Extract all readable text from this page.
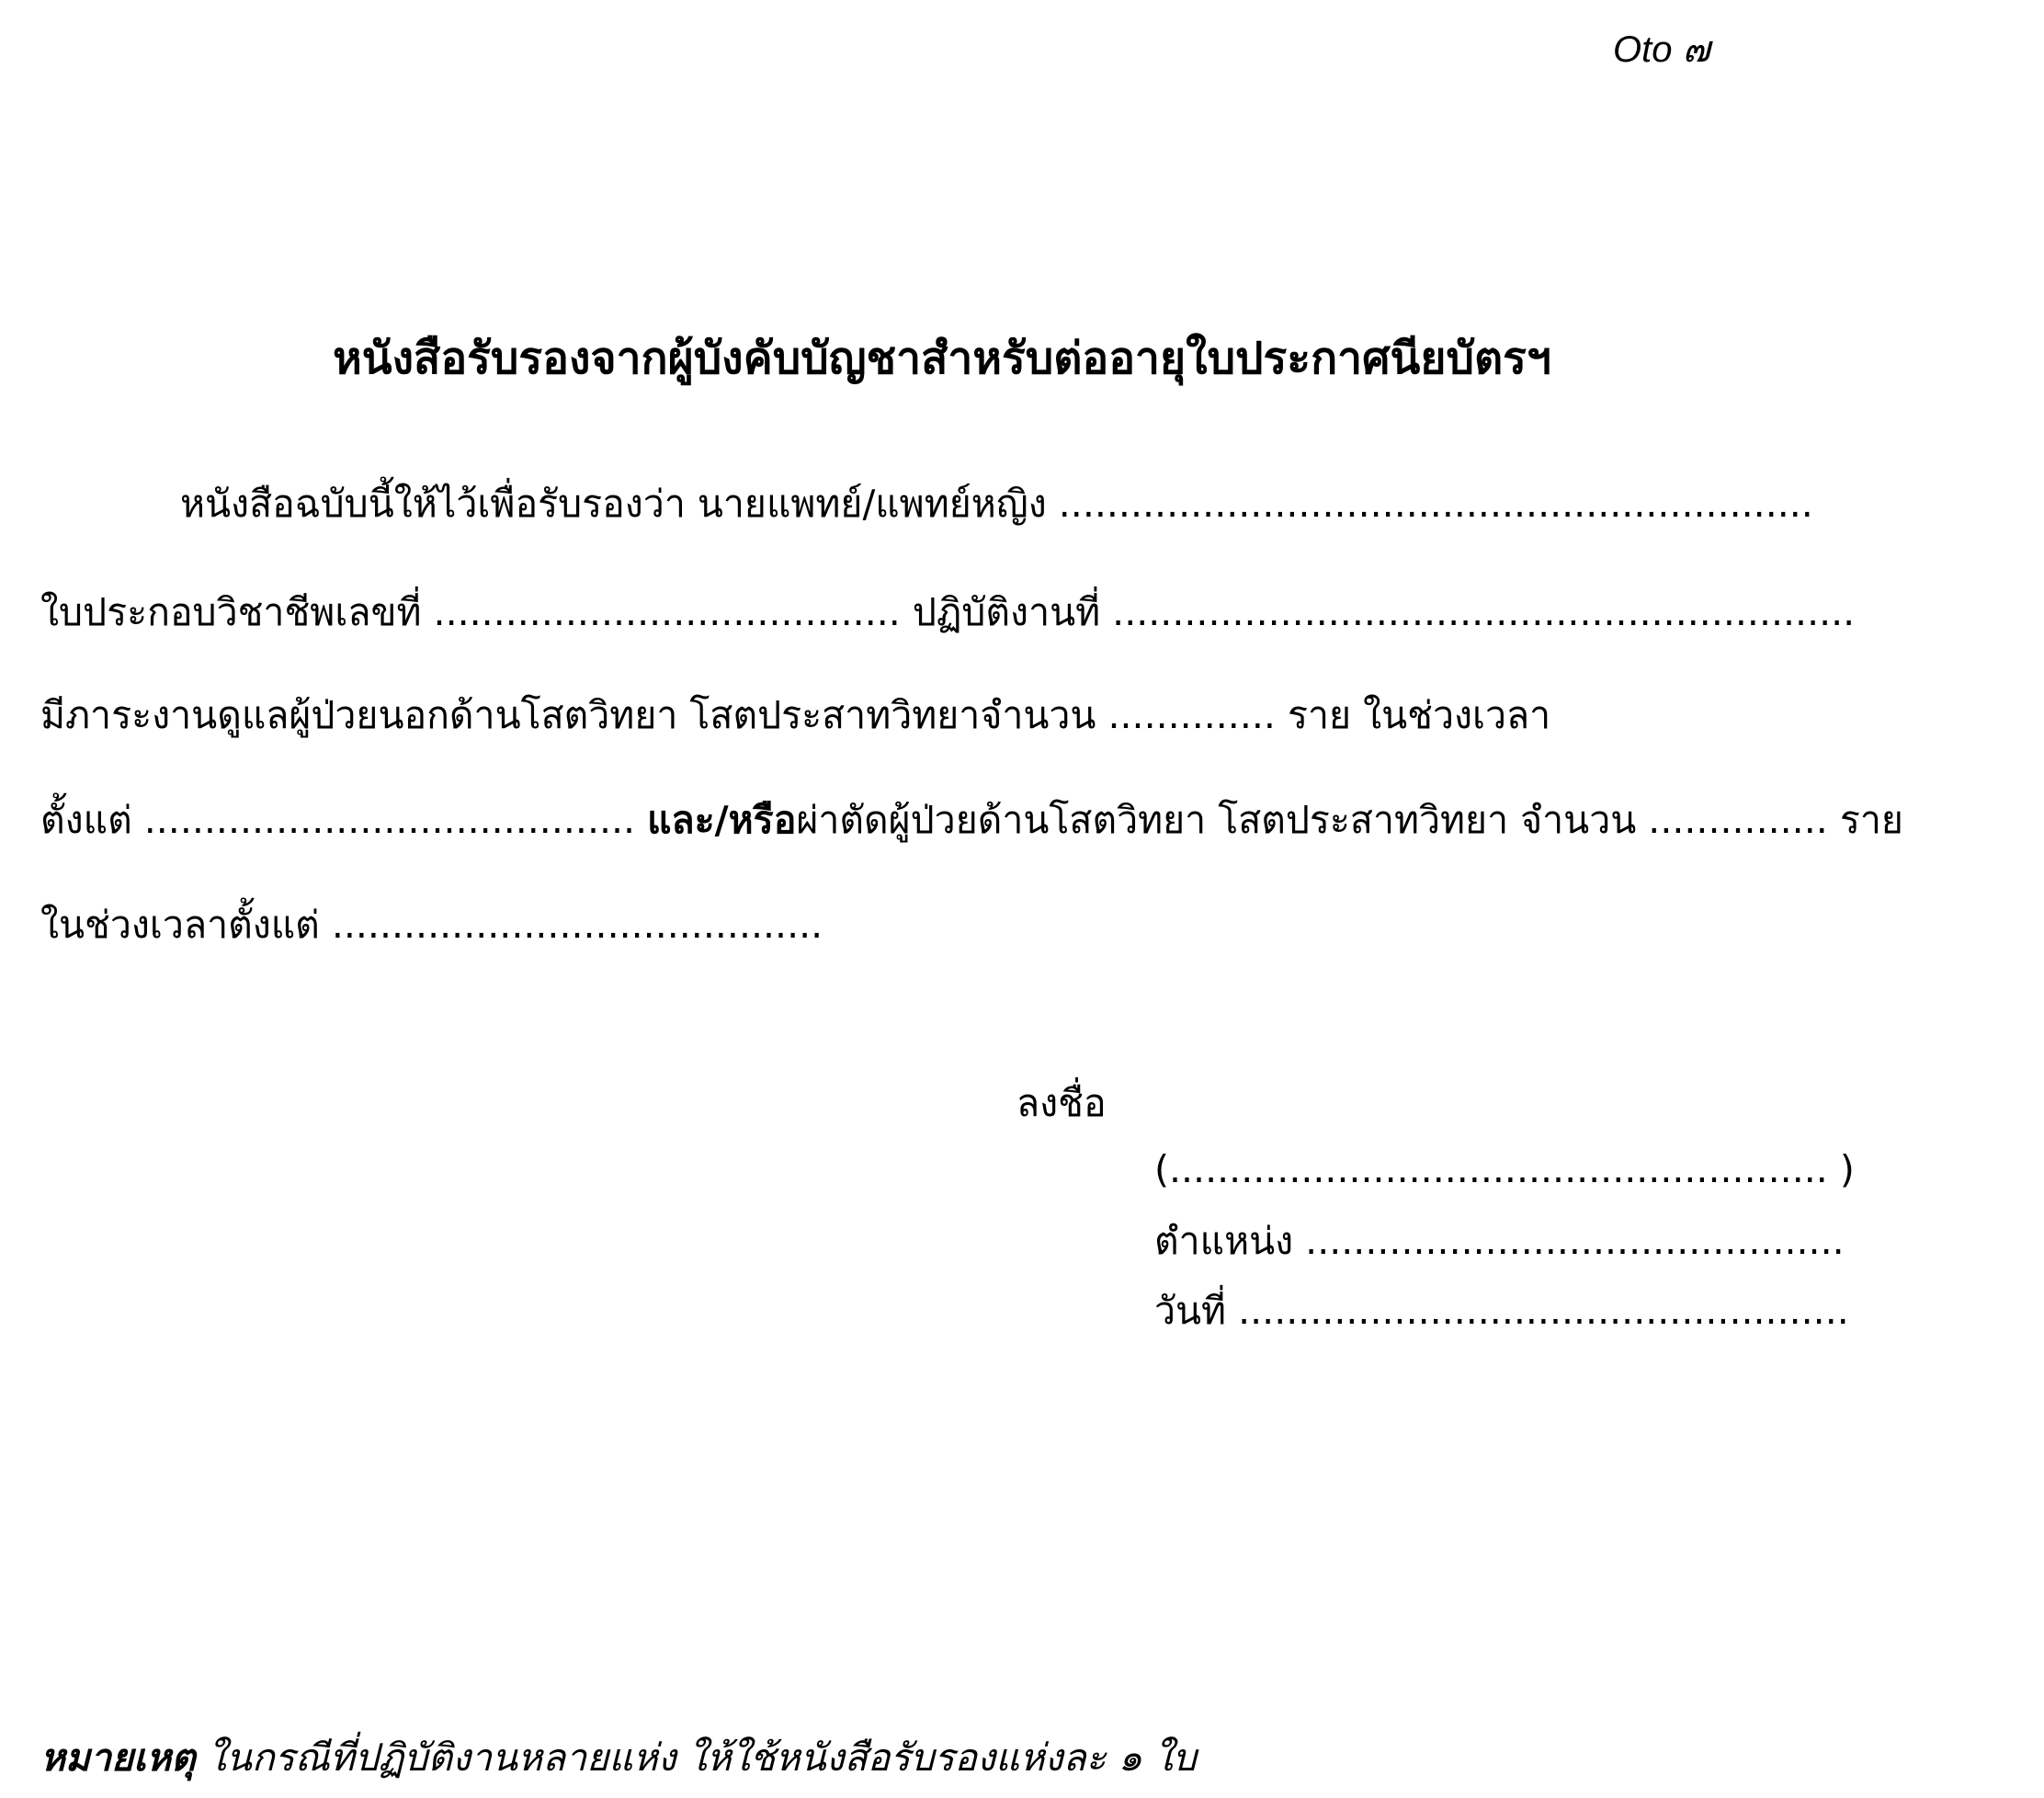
Oto ๗
หนังสือรับรองจากผู้บังคับบัญชาสำหรับต่ออายุใบประกาศนียบัตรฯ
หนังสือฉบับนี้ให้ไว้เพื่อรับรองว่า นายแพทย์/แพทย์หญิง ...............................................................
ใบประกอบวิชาชีพเลขที่ ....................................... ปฏิบัติงานที่ ..............................................................
มีภาระงานดูแลผู้ป่วยนอกด้านโสตวิทยา โสตประสาทวิทยาจำนวน .............. ราย ในช่วงเวลา
ตั้งแต่ ......................................... และ/หรือผ่าตัดผู้ป่วยด้านโสตวิทยา โสตประสาทวิทยา จำนวน ............... ราย
ในช่วงเวลาตั้งแต่ .........................................
ลงชื่อ
(....................................................... )
ตำแหน่ง .............................................
วันที่ ...................................................
หมายเหตุ ในกรณีที่ปฏิบัติงานหลายแห่ง ให้ใช้หนังสือรับรองแห่งละ ๑ ใบ
